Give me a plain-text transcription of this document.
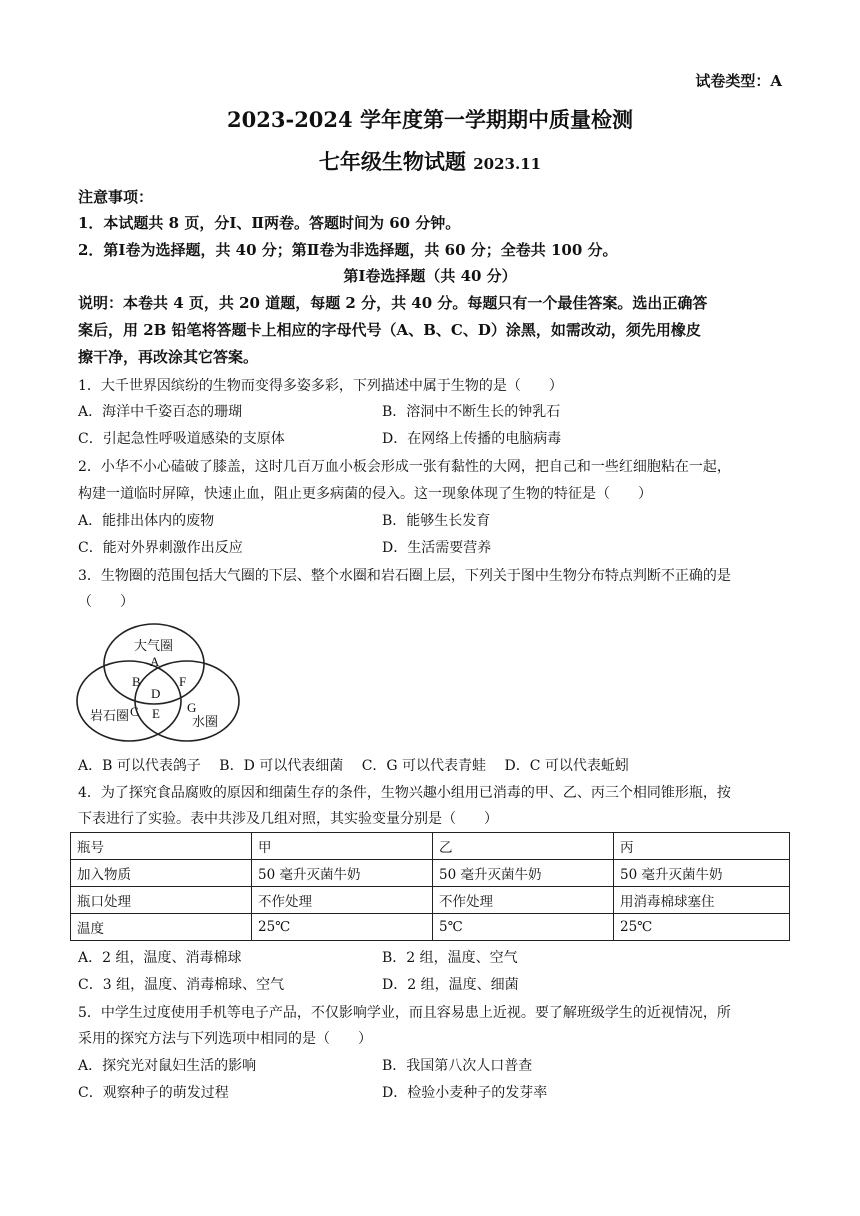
试卷类型：A
2023-2024 学年度第一学期期中质量检测
七年级生物试题 2023.11
注意事项：
1．本试题共 8 页，分Ⅰ、Ⅱ两卷。答题时间为 60 分钟。
2．第Ⅰ卷为选择题，共 40 分；第Ⅱ卷为非选择题，共 60 分；全卷共 100 分。
第Ⅰ卷选择题（共 40 分）
说明：本卷共 4 页，共 20 道题，每题 2 分，共 40 分。每题只有一个最佳答案。选出正确答
案后，用 2B 铅笔将答题卡上相应的字母代号（A、B、C、D）涂黑，如需改动，须先用橡皮
擦干净，再改涂其它答案。
1．大千世界因缤纷的生物而变得多姿多彩，下列描述中属于生物的是（　　）
A．海洋中千姿百态的珊瑚	B．溶洞中不断生长的钟乳石
C．引起急性呼吸道感染的支原体	D．在网络上传播的电脑病毒
2．小华不小心磕破了膝盖，这时几百万血小板会形成一张有黏性的大网，把自己和一些红细胞粘在一起，
构建一道临时屏障，快速止血，阻止更多病菌的侵入。这一现象体现了生物的特征是（　　）
A．能排出体内的废物	B．能够生长发育
C．能对外界刺激作出反应	D．生活需要营养
3．生物圈的范围包括大气圈的下层、整个水圈和岩石圈上层，下列关于图中生物分布特点判断不正确的是
（　　）
大气圈
A
B	F
D
C E G
岩石圈	水圈
A．B 可以代表鸽子　 B．D 可以代表细菌　 C．G 可以代表青蛙　 D．C 可以代表蚯蚓
4．为了探究食品腐败的原因和细菌生存的条件，生物兴趣小组用已消毒的甲、乙、丙三个相同锥形瓶，按
下表进行了实验。表中共涉及几组对照，其实验变量分别是（　　）
瓶号	甲	乙	丙
加入物质	50 毫升灭菌牛奶	50 毫升灭菌牛奶	50 毫升灭菌牛奶
瓶口处理	不作处理	不作处理	用消毒棉球塞住
温度	25℃	5℃	25℃
A．2 组，温度、消毒棉球	B．2 组，温度、空气
C．3 组，温度、消毒棉球、空气	D．2 组，温度、细菌
5．中学生过度使用手机等电子产品，不仅影响学业，而且容易患上近视。要了解班级学生的近视情况，所
采用的探究方法与下列选项中相同的是（　　）
A．探究光对鼠妇生活的影响	B．我国第八次人口普查
C．观察种子的萌发过程	D．检验小麦种子的发芽率
